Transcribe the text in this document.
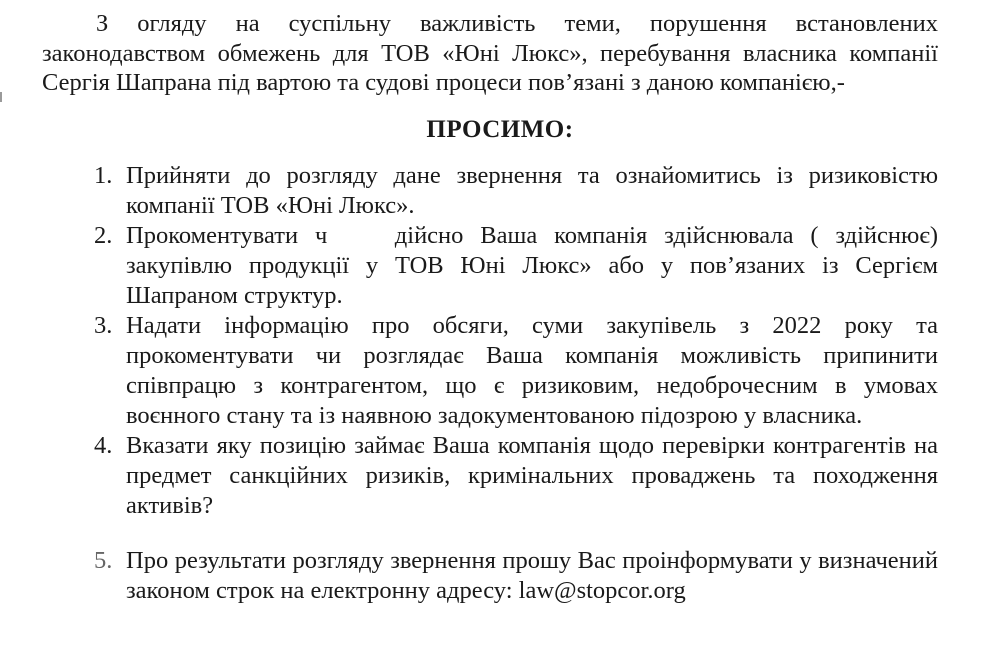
З огляду на суспільну важливість теми, порушення встановлених законодавством обмежень для ТОВ «Юні Люкс», перебування власника компанії Сергія Шапрана під вартою та судові процеси пов’язані з даною компанією,-

ПРОСИМО:
1. Прийняти до розгляду дане звернення та ознайомитись із ризиковістю компанії ТОВ «Юні Люкс».
2. Прокоментувати ч    дійсно Ваша компанія здійснювала ( здійснює) закупівлю продукції у ТОВ Юні Люкс» або у пов’язаних із Сергієм Шапраном структур.
3. Надати інформацію про обсяги, суми закупівель з 2022 року та прокоментувати чи розглядає Ваша компанія можливість припинити співпрацю з контрагентом, що є ризиковим, недоброчесним в умовах воєнного стану та із наявною задокументованою підозрою у власника.
4. Вказати яку позицію займає Ваша компанія щодо перевірки контрагентів на предмет санкційних ризиків, кримінальних проваджень та походження активів?
5. Про результати розгляду звернення прошу Вас проінформувати у визначений законом строк на електронну адресу: law@stopcor.org
